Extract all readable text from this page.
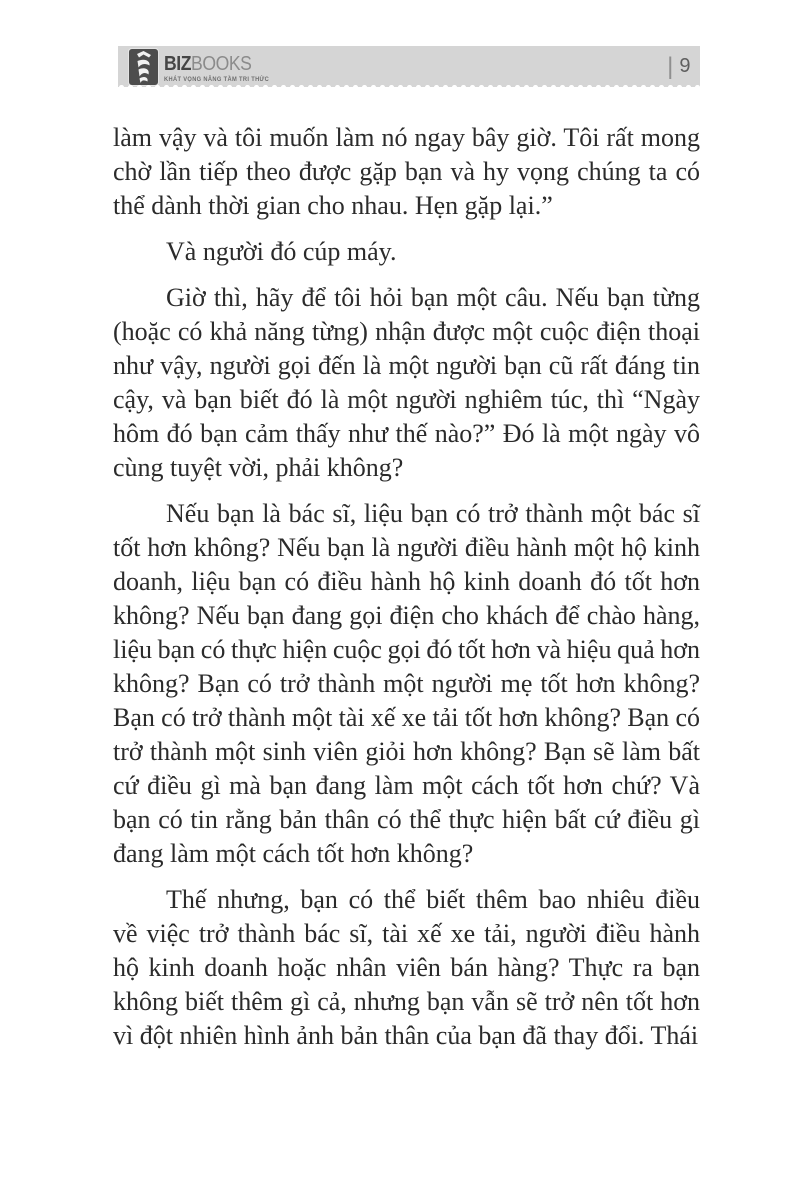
BIZBOOKS
KHÁT VỌNG NÂNG TẦM TRI THỨC	| 9
làm vậy và tôi muốn làm nó ngay bây giờ. Tôi rất mong
chờ lần tiếp theo được gặp bạn và hy vọng chúng ta có
thể dành thời gian cho nhau. Hẹn gặp lại.”
Và người đó cúp máy.
Giờ thì, hãy để tôi hỏi bạn một câu. Nếu bạn từng
(hoặc có khả năng từng) nhận được một cuộc điện thoại
như vậy, người gọi đến là một người bạn cũ rất đáng tin
cậy, và bạn biết đó là một người nghiêm túc, thì “Ngày
hôm đó bạn cảm thấy như thế nào?” Đó là một ngày vô
cùng tuyệt vời, phải không?
Nếu bạn là bác sĩ, liệu bạn có trở thành một bác sĩ
tốt hơn không? Nếu bạn là người điều hành một hộ kinh
doanh, liệu bạn có điều hành hộ kinh doanh đó tốt hơn
không? Nếu bạn đang gọi điện cho khách để chào hàng,
liệu bạn có thực hiện cuộc gọi đó tốt hơn và hiệu quả hơn
không? Bạn có trở thành một người mẹ tốt hơn không?
Bạn có trở thành một tài xế xe tải tốt hơn không? Bạn có
trở thành một sinh viên giỏi hơn không? Bạn sẽ làm bất
cứ điều gì mà bạn đang làm một cách tốt hơn chứ? Và
bạn có tin rằng bản thân có thể thực hiện bất cứ điều gì
đang làm một cách tốt hơn không?
Thế nhưng, bạn có thể biết thêm bao nhiêu điều
về việc trở thành bác sĩ, tài xế xe tải, người điều hành
hộ kinh doanh hoặc nhân viên bán hàng? Thực ra bạn
không biết thêm gì cả, nhưng bạn vẫn sẽ trở nên tốt hơn
vì đột nhiên hình ảnh bản thân của bạn đã thay đổi. Thái
